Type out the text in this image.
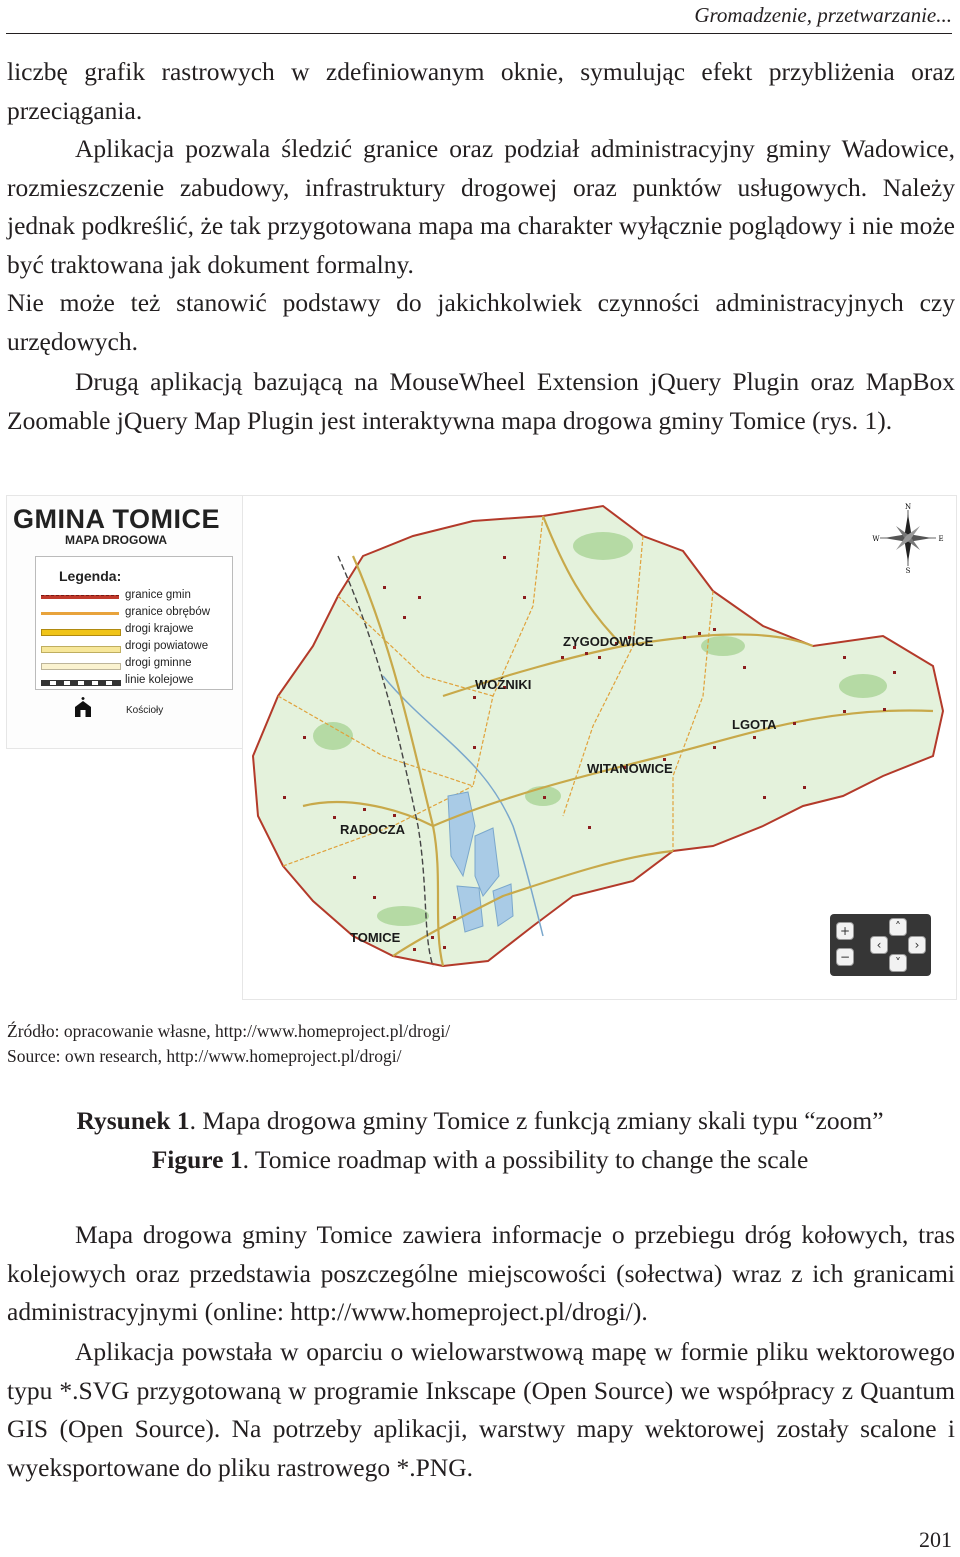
Gromadzenie, przetwarzanie...

liczbę grafik rastrowych w zdefiniowanym oknie, symulując efekt przybliżenia oraz przeciągania.

Aplikacja pozwala śledzić granice oraz podział administracyjny gminy Wadowice, rozmieszczenie zabudowy, infrastruktury drogowej oraz punktów usługowych. Należy jednak podkreślić, że tak przygotowana mapa ma charakter wyłącznie poglądowy i nie może być traktowana jak dokument formalny.

Nie może też stanowić podstawy do jakichkolwiek czynności administracyjnych czy urzędowych.

Drugą aplikacją bazującą na MouseWheel Extension jQuery Plugin oraz MapBox Zoomable jQuery Map Plugin jest interaktywna mapa drogowa gminy Tomice (rys. 1).

GMINA TOMICE
MAPA DROGOWA
Legenda:
granice gmin
granice obrębów
drogi krajowe
drogi powiatowe
drogi gminne
linie kolejowe
Kościoły
ZYGODOWICE
WOŹNIKI
LGOTA
WITANOWICE
RADOCZA
TOMICE
N
S
E
W
+
−
˄
‹	›
˅
Źródło: opracowanie własne, http://www.homeproject.pl/drogi/
Source: own research, http://www.homeproject.pl/drogi/
Rysunek 1. Mapa drogowa gminy Tomice z funkcją zmiany skali typu “zoom”
Figure 1. Tomice roadmap with a possibility to change the scale

Mapa drogowa gminy Tomice zawiera informacje o przebiegu dróg kołowych, tras kolejowych oraz przedstawia poszczególne miejscowości (sołectwa) wraz z ich granicami administracyjnymi (online: http://www.homeproject.pl/drogi/).

Aplikacja powstała w oparciu o wielowarstwową mapę w formie pliku wektorowego typu *.SVG przygotowaną w programie Inkscape (Open Source) we współpracy z Quantum GIS (Open Source). Na potrzeby aplikacji, warstwy mapy wektorowej zostały scalone i wyeksportowane do pliku rastrowego *.PNG.

201
